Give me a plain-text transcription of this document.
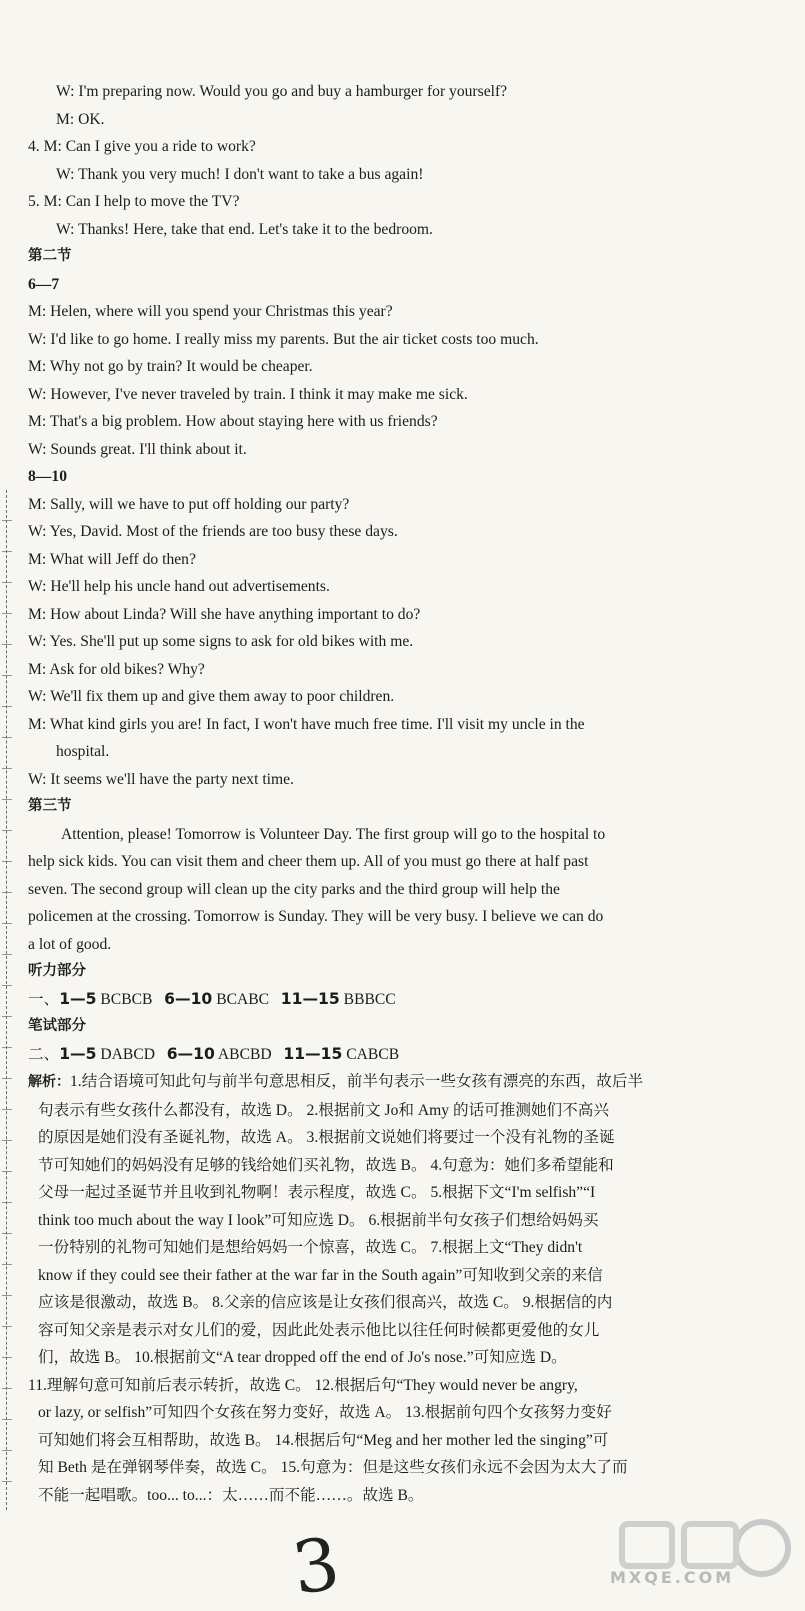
W: I'm preparing now. Would you go and buy a hamburger for yourself?
M: OK.
4. M: Can I give you a ride to work?
W: Thank you very much! I don't want to take a bus again!
5. M: Can I help to move the TV?
W: Thanks! Here, take that end. Let's take it to the bedroom.
第二节
6—7
M: Helen, where will you spend your Christmas this year?
W: I'd like to go home. I really miss my parents. But the air ticket costs too much.
M: Why not go by train? It would be cheaper.
W: However, I've never traveled by train. I think it may make me sick.
M: That's a big problem. How about staying here with us friends?
W: Sounds great. I'll think about it.
8—10
M: Sally, will we have to put off holding our party?
W: Yes, David. Most of the friends are too busy these days.
M: What will Jeff do then?
W: He'll help his uncle hand out advertisements.
M: How about Linda? Will she have anything important to do?
W: Yes. She'll put up some signs to ask for old bikes with me.
M: Ask for old bikes? Why?
W: We'll fix them up and give them away to poor children.
M: What kind girls you are! In fact, I won't have much free time. I'll visit my uncle in the
hospital.
W: It seems we'll have the party next time.
第三节
Attention, please! Tomorrow is Volunteer Day. The first group will go to the hospital to
help sick kids. You can visit them and cheer them up. All of you must go there at half past
seven. The second group will clean up the city parks and the third group will help the
policemen at the crossing. Tomorrow is Sunday. They will be very busy. I believe we can do
a lot of good.
听力部分
一、1—5 BCBCB 6—10 BCABC 11—15 BBBCC
笔试部分
二、1—5 DABCD 6—10 ABCBD 11—15 CABCB
解析：1.结合语境可知此句与前半句意思相反，前半句表示一些女孩有漂亮的东西，故后半
句表示有些女孩什么都没有，故选 D。 2.根据前文 Jo和 Amy 的话可推测她们不高兴
的原因是她们没有圣诞礼物，故选 A。 3.根据前文说她们将要过一个没有礼物的圣诞
节可知她们的妈妈没有足够的钱给她们买礼物，故选 B。 4.句意为：她们多希望能和
父母一起过圣诞节并且收到礼物啊！表示程度，故选 C。 5.根据下文“I'm selfish”“I
think too much about the way I look”可知应选 D。 6.根据前半句女孩子们想给妈妈买
一份特别的礼物可知她们是想给妈妈一个惊喜，故选 C。 7.根据上文“They didn't
know if they could see their father at the war far in the South again”可知收到父亲的来信
应该是很激动，故选 B。 8.父亲的信应该是让女孩们很高兴，故选 C。 9.根据信的内
容可知父亲是表示对女儿们的爱，因此此处表示他比以往任何时候都更爱他的女儿
们，故选 B。 10.根据前文“A tear dropped off the end of Jo's nose.”可知应选 D。
11.理解句意可知前后表示转折，故选 C。 12.根据后句“They would never be angry,
or lazy, or selfish”可知四个女孩在努力变好，故选 A。 13.根据前句四个女孩努力变好
可知她们将会互相帮助，故选 B。 14.根据后句“Meg and her mother led the singing”可
知 Beth 是在弹钢琴伴奏，故选 C。 15.句意为：但是这些女孩们永远不会因为太大了而
不能一起唱歌。too... to...：太……而不能……。故选 B。
3	MXQE.COM
